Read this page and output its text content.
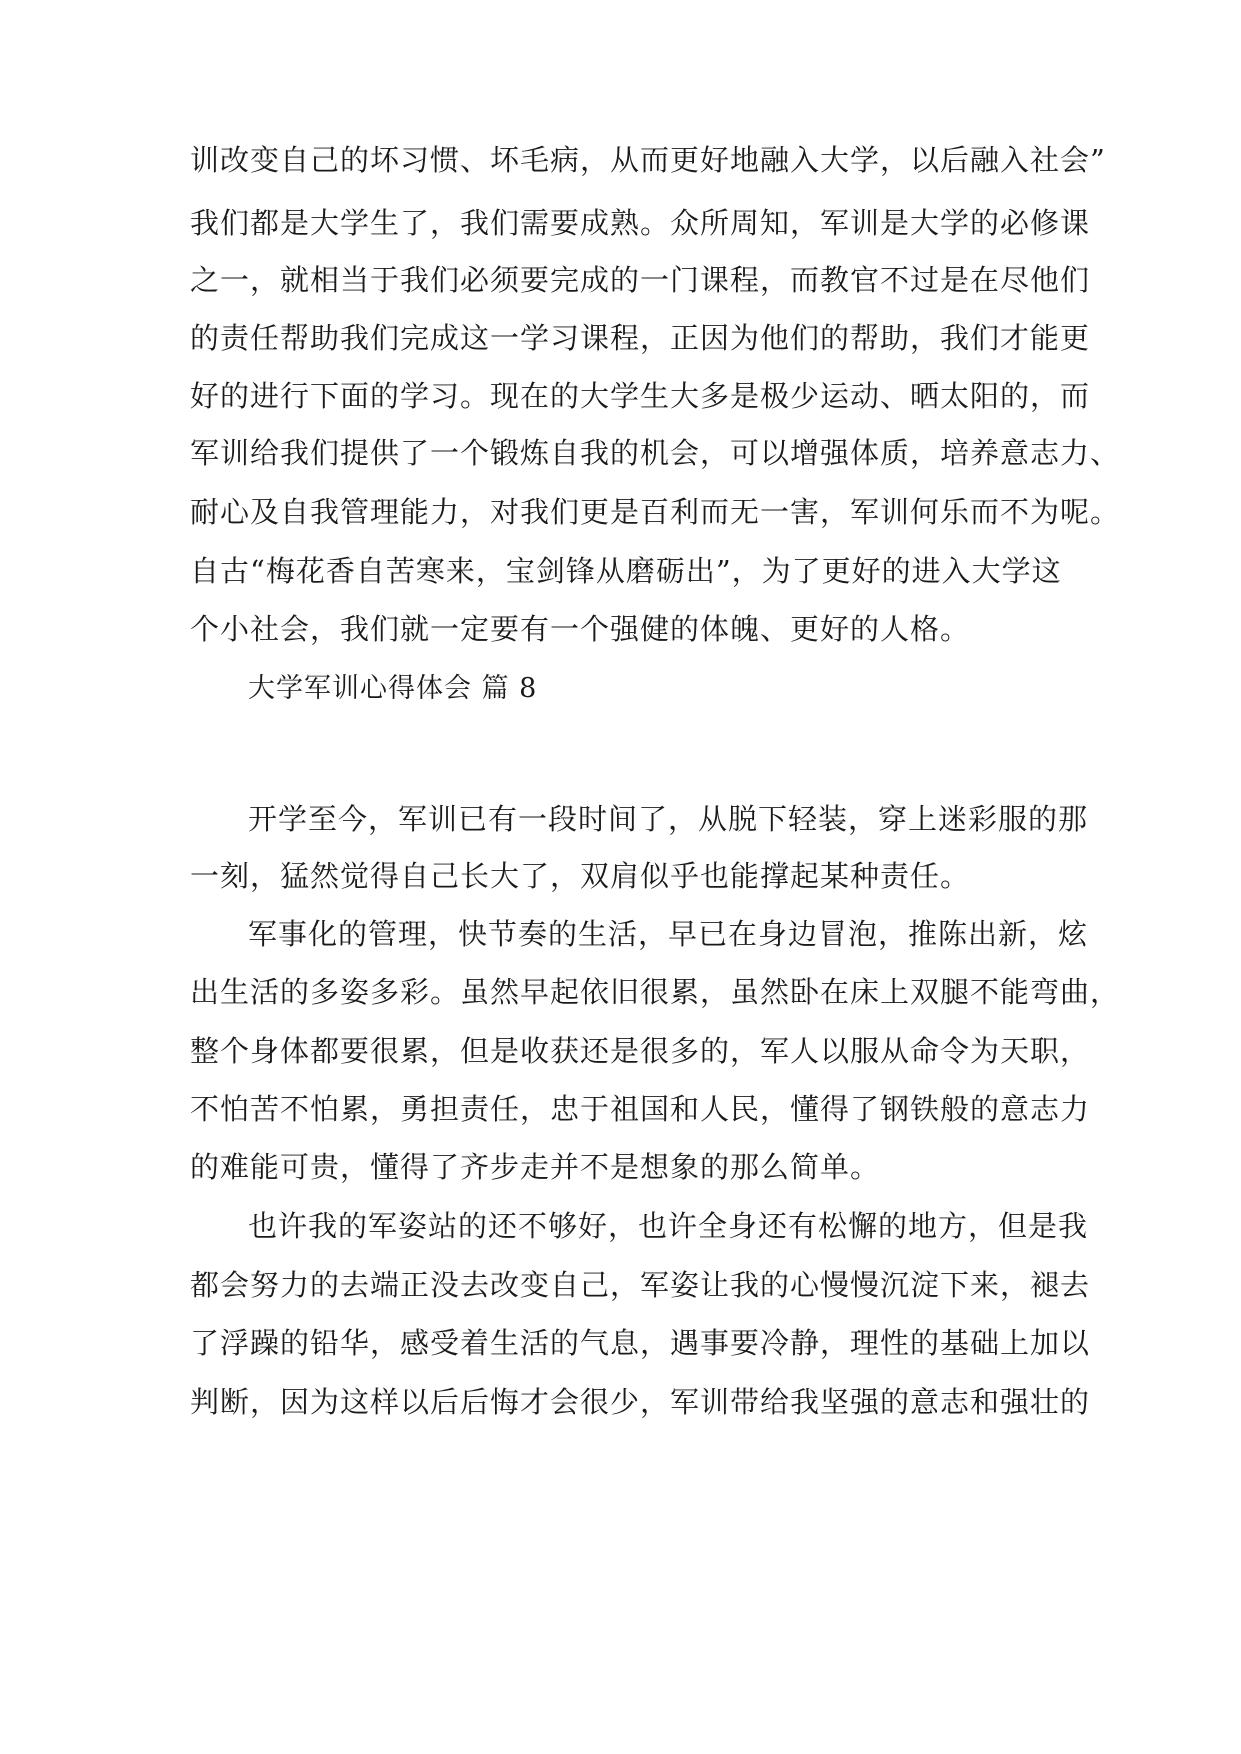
训改变自己的坏习惯、坏毛病，从而更好地融入大学，以后融入社会”
我们都是大学生了，我们需要成熟。众所周知，军训是大学的必修课
之一，就相当于我们必须要完成的一门课程，而教官不过是在尽他们
的责任帮助我们完成这一学习课程，正因为他们的帮助，我们才能更
好的进行下面的学习。现在的大学生大多是极少运动、晒太阳的，而
军训给我们提供了一个锻炼自我的机会，可以增强体质，培养意志力、
耐心及自我管理能力，对我们更是百利而无一害，军训何乐而不为呢。
自古“梅花香自苦寒来，宝剑锋从磨砺出”，为了更好的进入大学这
个小社会，我们就一定要有一个强健的体魄、更好的人格。
大学军训心得体会 篇 8
开学至今，军训已有一段时间了，从脱下轻装，穿上迷彩服的那
一刻，猛然觉得自己长大了，双肩似乎也能撑起某种责任。
军事化的管理，快节奏的生活，早已在身边冒泡，推陈出新，炫
出生活的多姿多彩。虽然早起依旧很累，虽然卧在床上双腿不能弯曲，
整个身体都要很累，但是收获还是很多的，军人以服从命令为天职，
不怕苦不怕累，勇担责任，忠于祖国和人民，懂得了钢铁般的意志力
的难能可贵，懂得了齐步走并不是想象的那么简单。
也许我的军姿站的还不够好，也许全身还有松懈的地方，但是我
都会努力的去端正没去改变自己，军姿让我的心慢慢沉淀下来，褪去
了浮躁的铅华，感受着生活的气息，遇事要冷静，理性的基础上加以
判断，因为这样以后后悔才会很少，军训带给我坚强的意志和强壮的
